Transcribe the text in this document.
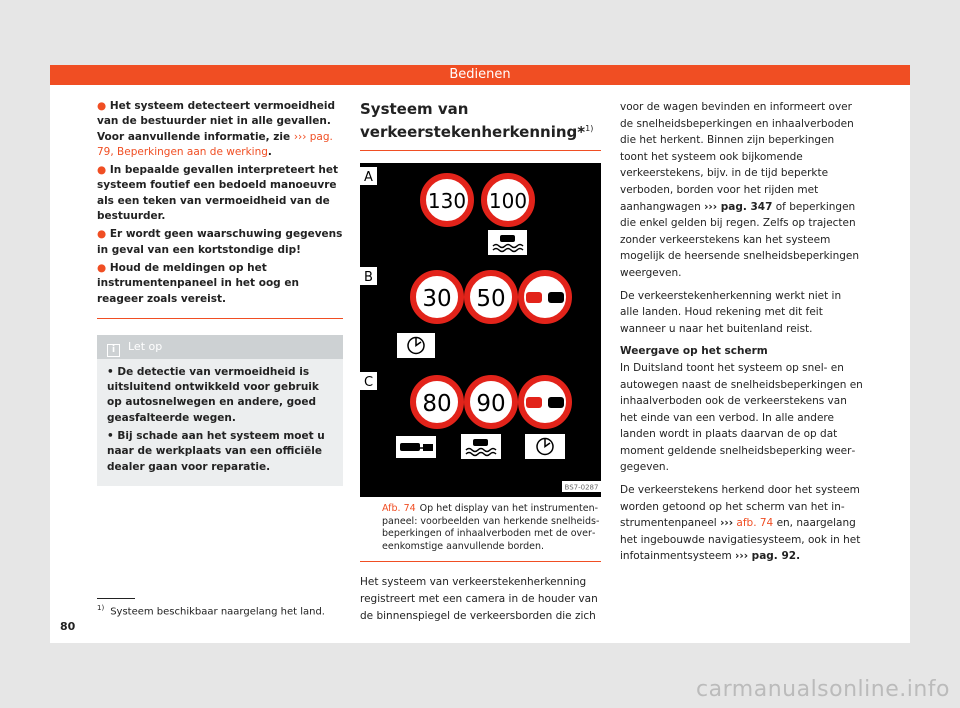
Bedienen

● Het systeem detecteert vermoeidheid van de bestuurder niet in alle gevallen. Voor aanvullende informatie, zie ››› pag. 79, Beperkingen aan de werking.

● In bepaalde gevallen interpreteert het systeem foutief een bedoeld manoeuvre als een teken van vermoeidheid van de bestuurder.

● Er wordt geen waarschuwing gegevens in geval van een kortstondige dip!

● Houd de meldingen op het instrumentenpaneel in het oog en reageer zoals vereist.

i Let op

• De detectie van vermoeidheid is uitsluitend ontwikkeld voor gebruik op autosnelwegen en andere, goed geasfalteerde wegen.

• Bij schade aan het systeem moet u naar de werkplaats van een officiële dealer gaan voor reparatie.

Systeem van verkeerstekenherkenning*$^{1)}$
A
B
C
130 100
30 50
80 90
BS7-0287
Afb. 74 Op het display van het instrumentenpaneel: voorbeelden van herkende snelheidsbeperkingen of inhaalverboden met de overeenkomstige aanvullende borden.

Het systeem van verkeerstekenherkenning registreert met een camera in de houder van de binnenspiegel de verkeersborden die zich

voor de wagen bevinden en informeert over de snelheidsbeperkingen en inhaalverboden die het herkent. Binnen zijn beperkingen toont het systeem ook bijkomende verkeerstekens, bijv. in de tijd beperkte verboden, borden voor het rijden met aanhangwagen ››› pag. 347 of beperkingen die enkel gelden bij regen. Zelfs op trajecten zonder verkeerstekens kan het systeem mogelijk de heersende snelheidsbeperkingen weergeven.

De verkeerstekenherkenning werkt niet in alle landen. Houd rekening met dit feit wanneer u naar het buitenland reist.

Weergave op het scherm

In Duitsland toont het systeem op snel- en autowegen naast de snelheidsbeperkingen en inhaalverboden ook de verkeerstekens van het einde van een verbod. In alle andere landen wordt in plaats daarvan de op dat moment geldende snelheidsbeperking weergegeven.

De verkeerstekens herkend door het systeem worden getoond op het scherm van het instrumentenpaneel ››› afb. 74 en, naargelang het ingebouwde navigatiesysteem, ook in het infotainmentsysteem ››› pag. 92.

$^{1)}$ Systeem beschikbaar naargelang het land.
80
carmanualsonline.info
